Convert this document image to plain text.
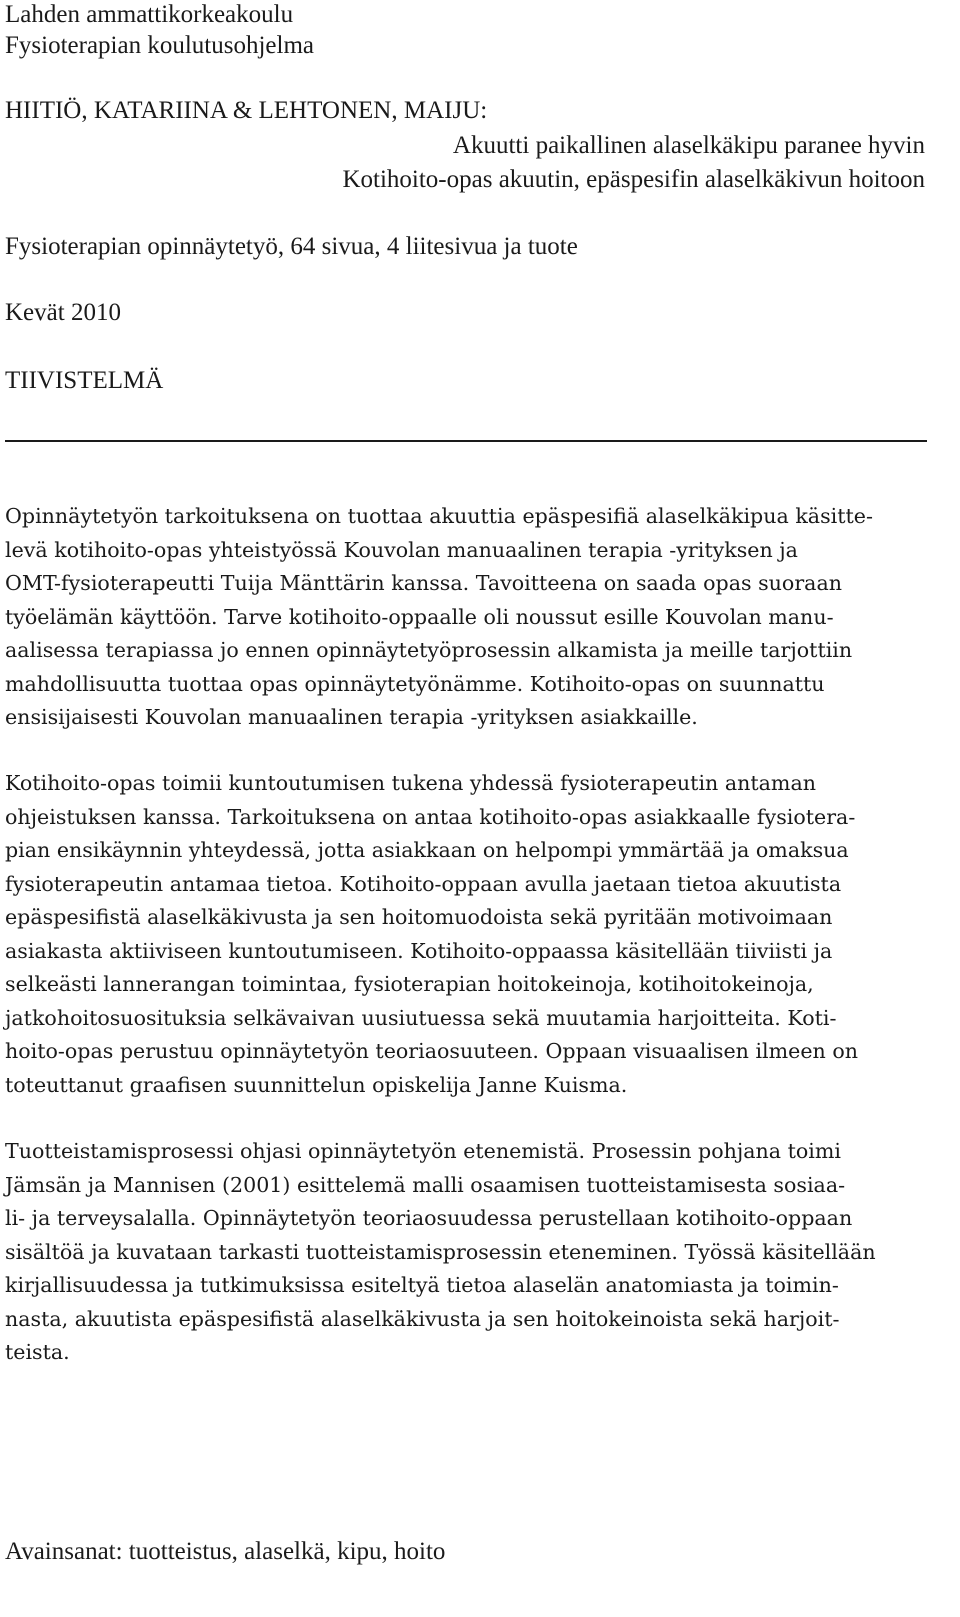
Lahden ammattikorkeakoulu
Fysioterapian koulutusohjelma
HIITIÖ, KATARIINA & LEHTONEN, MAIJU:
Akuutti paikallinen alaselkäkipu paranee hyvin
Kotihoito-opas akuutin, epäspesifin alaselkäkivun hoitoon
Fysioterapian opinnäytetyö, 64 sivua, 4 liitesivua ja tuote
Kevät 2010
TIIVISTELMÄ
Opinnäytetyön tarkoituksena on tuottaa akuuttia epäspesifiä alaselkäkipua käsitte-
levä kotihoito-opas yhteistyössä Kouvolan manuaalinen terapia -yrityksen ja
OMT-fysioterapeutti Tuija Mänttärin kanssa. Tavoitteena on saada opas suoraan
työelämän käyttöön. Tarve kotihoito-oppaalle oli noussut esille Kouvolan manu-
aalisessa terapiassa jo ennen opinnäytetyöprosessin alkamista ja meille tarjottiin
mahdollisuutta tuottaa opas opinnäytetyönämme. Kotihoito-opas on suunnattu
ensisijaisesti Kouvolan manuaalinen terapia -yrityksen asiakkaille.
Kotihoito-opas toimii kuntoutumisen tukena yhdessä fysioterapeutin antaman
ohjeistuksen kanssa. Tarkoituksena on antaa kotihoito-opas asiakkaalle fysiotera-
pian ensikäynnin yhteydessä, jotta asiakkaan on helpompi ymmärtää ja omaksua
fysioterapeutin antamaa tietoa. Kotihoito-oppaan avulla jaetaan tietoa akuutista
epäspesifistä alaselkäkivusta ja sen hoitomuodoista sekä pyritään motivoimaan
asiakasta aktiiviseen kuntoutumiseen. Kotihoito-oppaassa käsitellään tiiviisti ja
selkeästi lannerangan toimintaa, fysioterapian hoitokeinoja, kotihoitokeinoja,
jatkohoitosuosituksia selkävaivan uusiutuessa sekä muutamia harjoitteita. Koti-
hoito-opas perustuu opinnäytetyön teoriaosuuteen. Oppaan visuaalisen ilmeen on
toteuttanut graafisen suunnittelun opiskelija Janne Kuisma.
Tuotteistamisprosessi ohjasi opinnäytetyön etenemistä. Prosessin pohjana toimi
Jämsän ja Mannisen (2001) esittelemä malli osaamisen tuotteistamisesta sosiaa-
li- ja terveysalalla. Opinnäytetyön teoriaosuudessa perustellaan kotihoito-oppaan
sisältöä ja kuvataan tarkasti tuotteistamisprosessin eteneminen. Työssä käsitellään
kirjallisuudessa ja tutkimuksissa esiteltyä tietoa alaselän anatomiasta ja toimin-
nasta, akuutista epäspesifistä alaselkäkivusta ja sen hoitokeinoista sekä harjoit-
teista.
Avainsanat: tuotteistus, alaselkä, kipu, hoito
